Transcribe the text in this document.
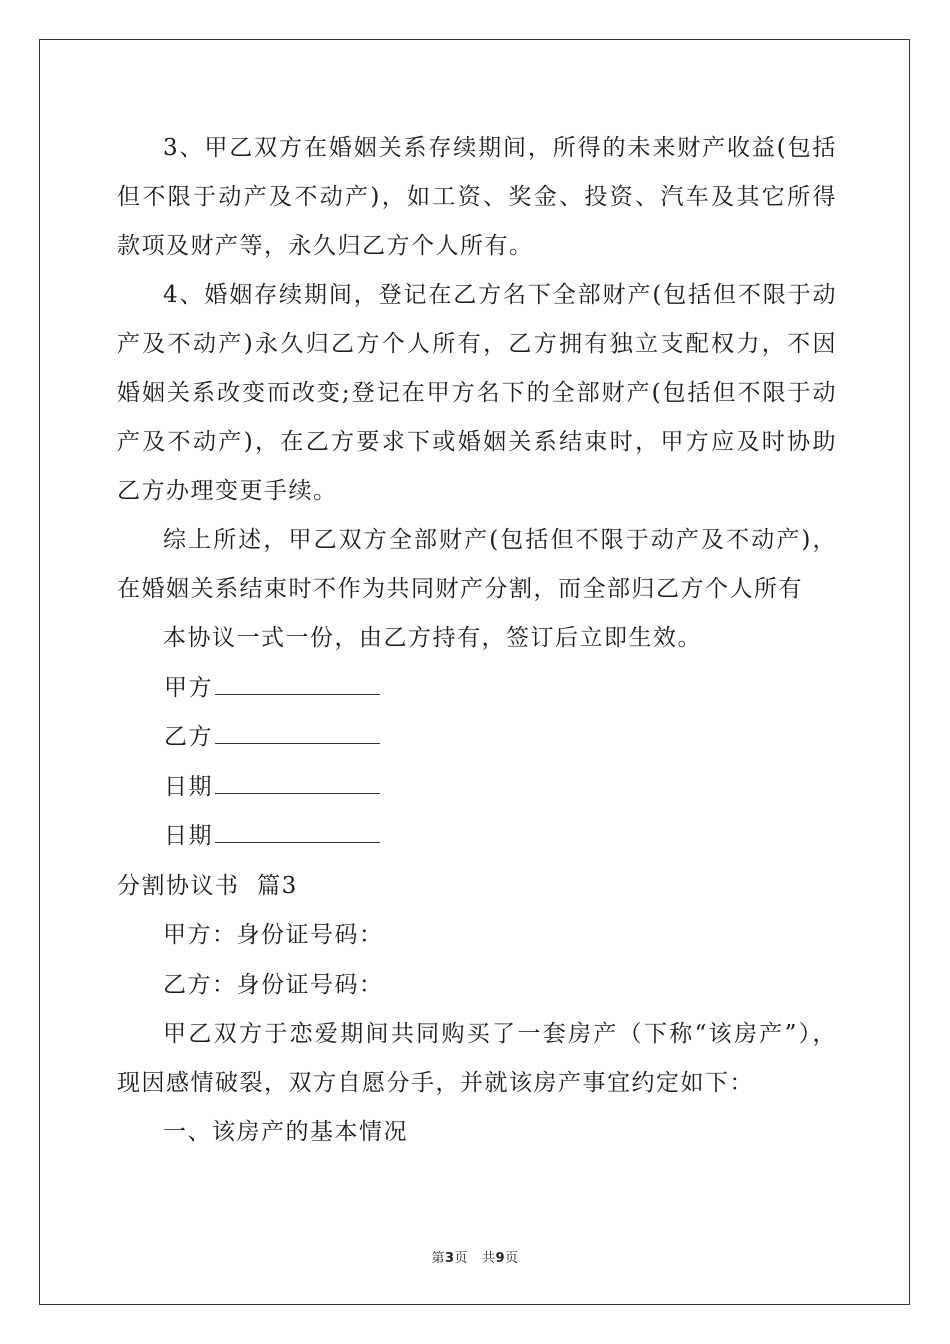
3、甲乙双方在婚姻关系存续期间，所得的未来财产收益(包括但不限于动产及不动产)，如工资、奖金、投资、汽车及其它所得款项及财产等，永久归乙方个人所有。

4、婚姻存续期间，登记在乙方名下全部财产(包括但不限于动产及不动产)永久归乙方个人所有，乙方拥有独立支配权力，不因婚姻关系改变而改变;登记在甲方名下的全部财产(包括但不限于动产及不动产)，在乙方要求下或婚姻关系结束时，甲方应及时协助乙方办理变更手续。

综上所述，甲乙双方全部财产(包括但不限于动产及不动产)，在婚姻关系结束时不作为共同财产分割，而全部归乙方个人所有

本协议一式一份，由乙方持有，签订后立即生效。

甲方
乙方
日期
日期

分割协议书  篇3

甲方：身份证号码：

乙方：身份证号码：

甲乙双方于恋爱期间共同购买了一套房产（下称“该房产”），现因感情破裂，双方自愿分手，并就该房产事宜约定如下：

一、该房产的基本情况

第3页 共9页
